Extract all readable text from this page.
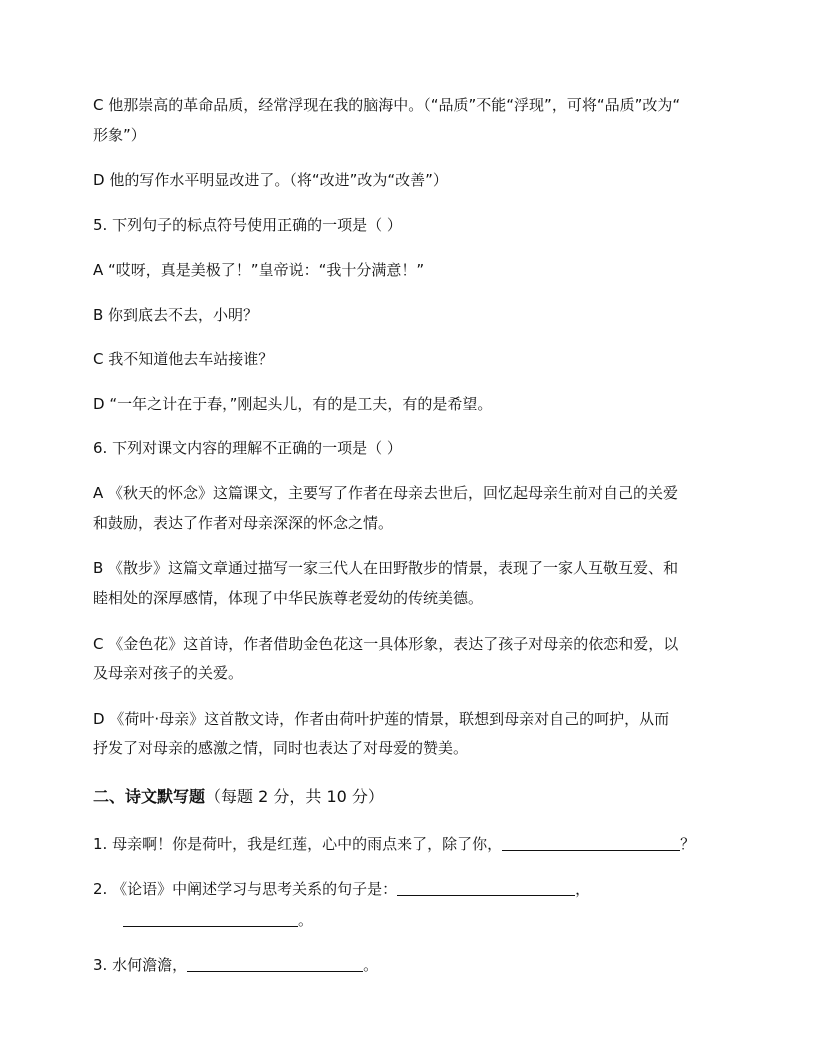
C 他那崇高的革命品质，经常浮现在我的脑海中。（“品质”不能“浮现”，可将“品质”改为“
形象”）
D 他的写作水平明显改进了。（将“改进”改为“改善”）
5. 下列句子的标点符号使用正确的一项是（ ）
A “哎呀，真是美极了！”皇帝说：“我十分满意！”
B 你到底去不去，小明？
C 我不知道他去车站接谁？
D “一年之计在于春，”刚起头儿，有的是工夫，有的是希望。
6. 下列对课文内容的理解不正确的一项是（ ）
A 《秋天的怀念》这篇课文，主要写了作者在母亲去世后，回忆起母亲生前对自己的关爱
和鼓励，表达了作者对母亲深深的怀念之情。
B 《散步》这篇文章通过描写一家三代人在田野散步的情景，表现了一家人互敬互爱、和
睦相处的深厚感情，体现了中华民族尊老爱幼的传统美德。
C 《金色花》这首诗，作者借助金色花这一具体形象，表达了孩子对母亲的依恋和爱，以
及母亲对孩子的关爱。
D 《荷叶·母亲》这首散文诗，作者由荷叶护莲的情景，联想到母亲对自己的呵护，从而
抒发了对母亲的感激之情，同时也表达了对母爱的赞美。
二、诗文默写题（每题 2 分，共 10 分）
1. 母亲啊！你是荷叶，我是红莲，心中的雨点来了，除了你，	？
2. 《论语》中阐述学习与思考关系的句子是：	，
。
3. 水何澹澹，	。
